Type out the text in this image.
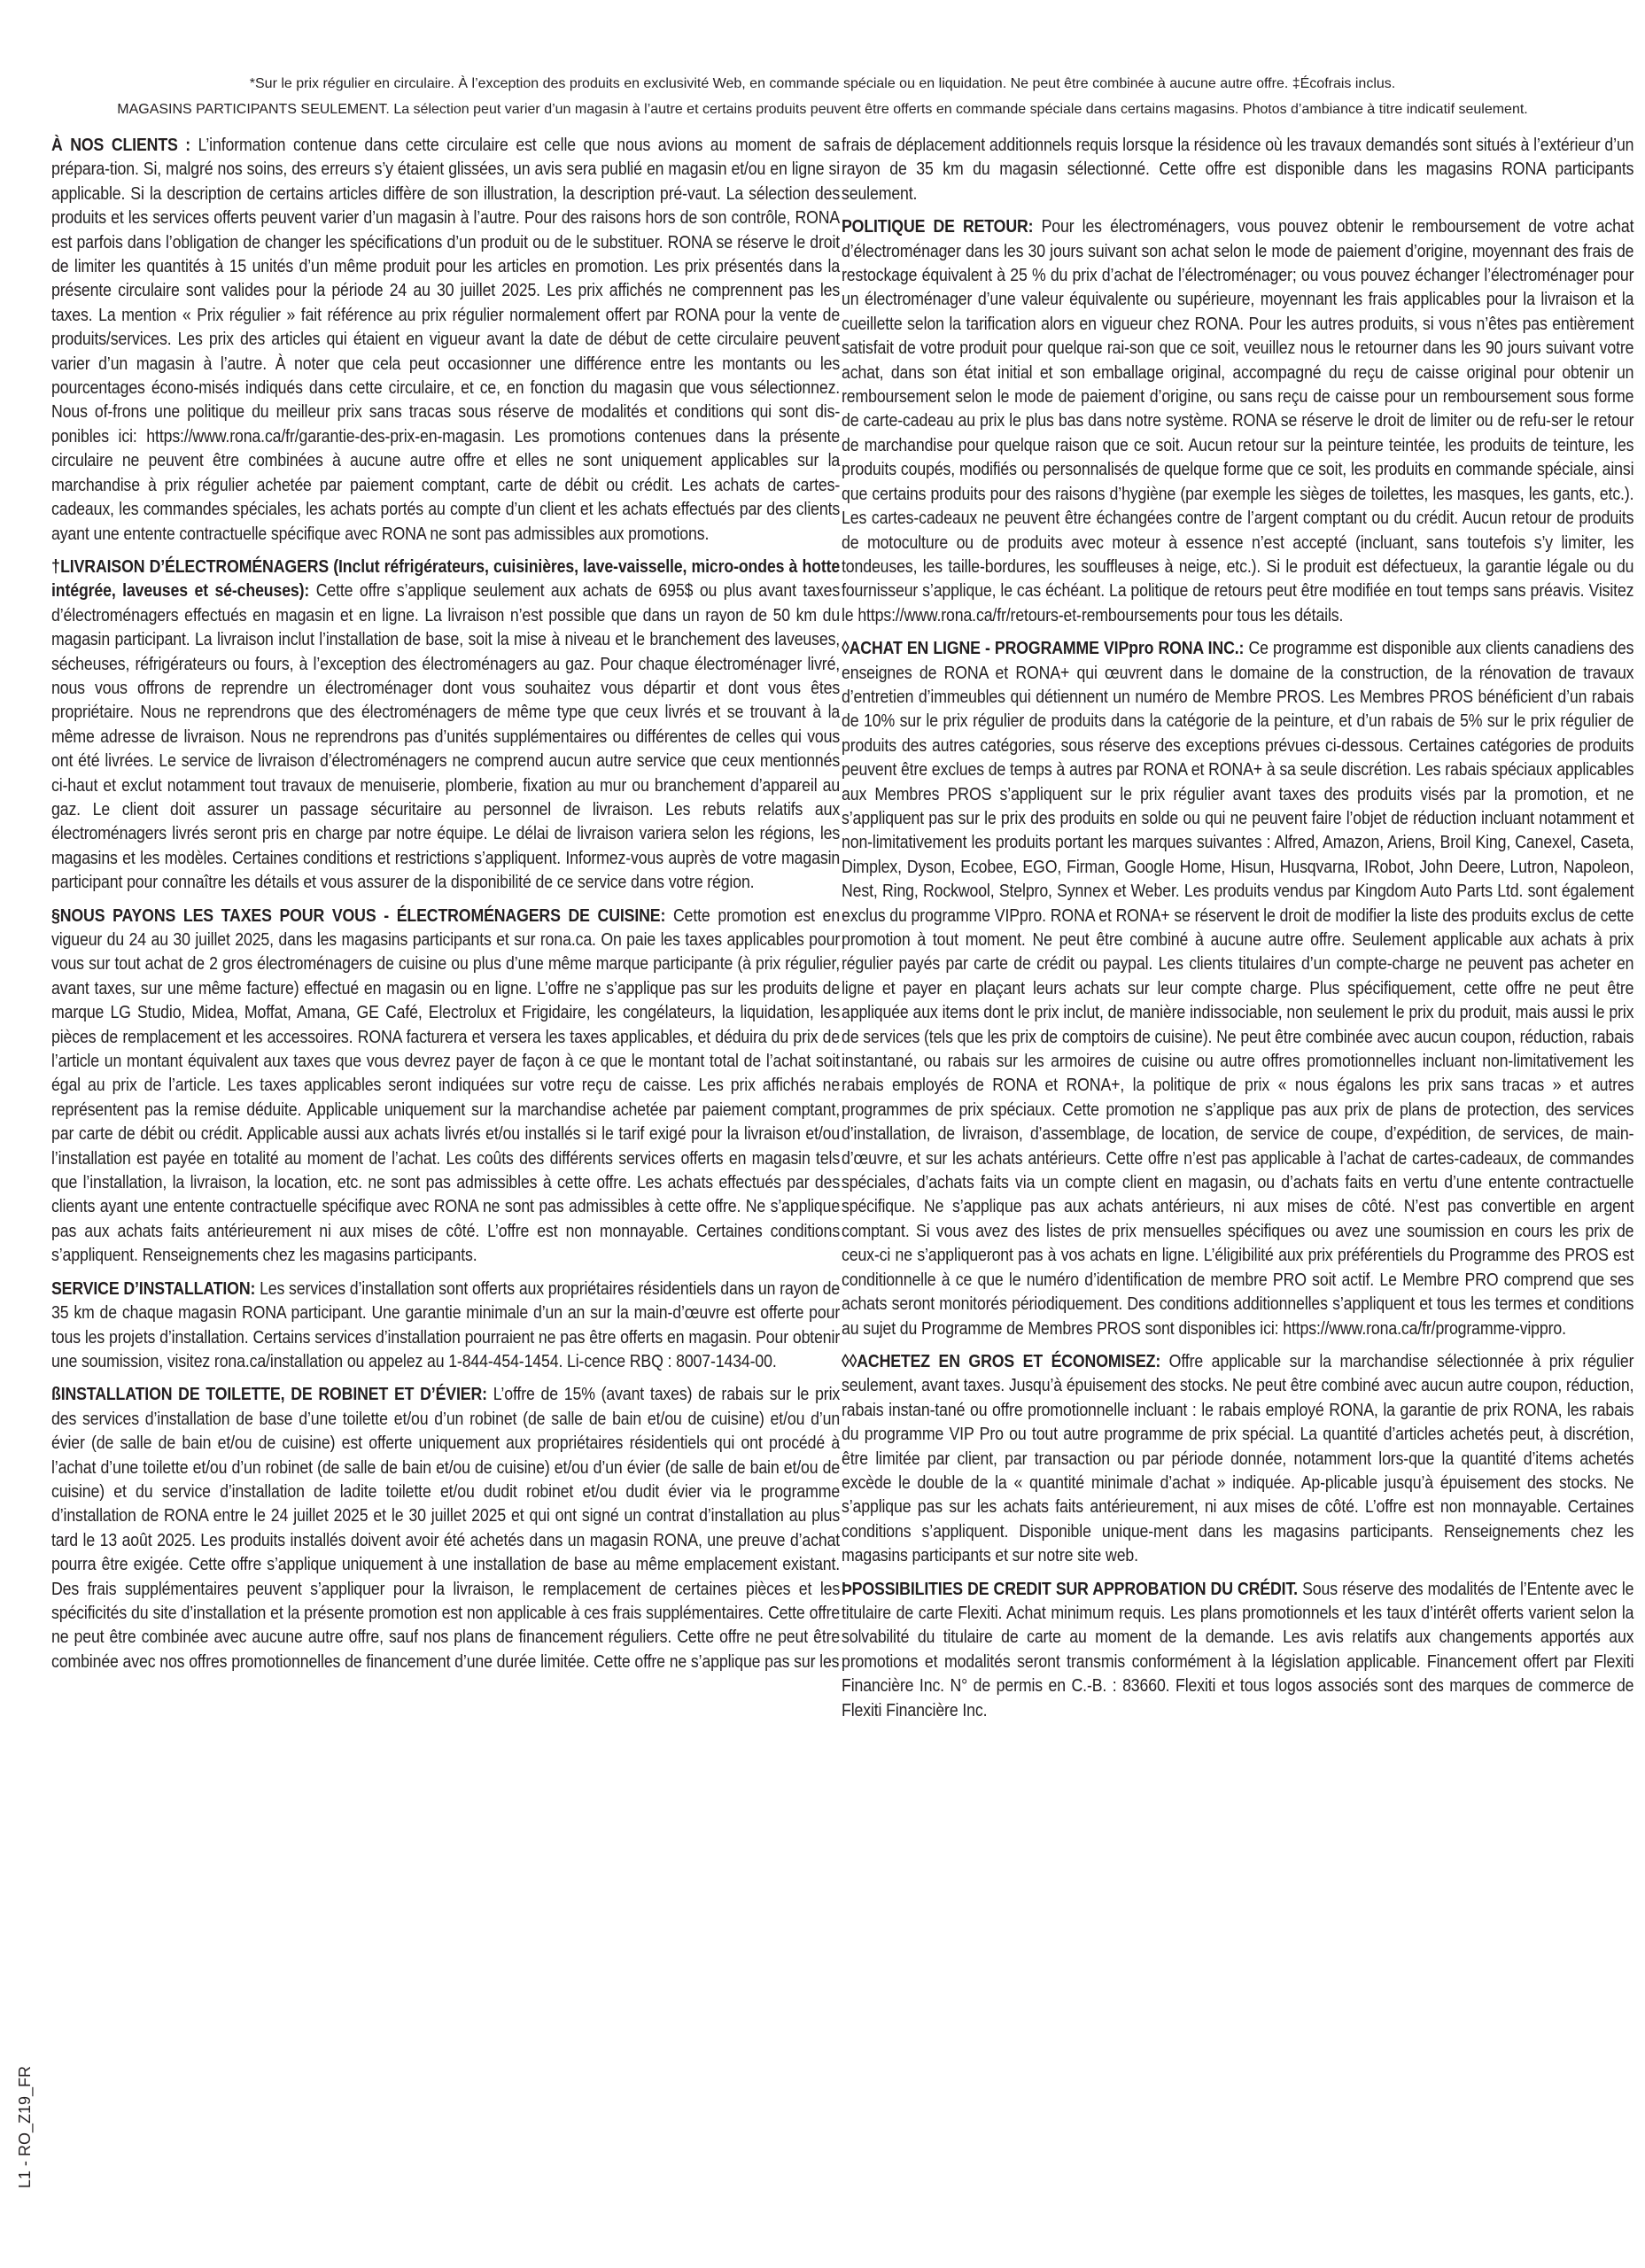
*Sur le prix régulier en circulaire. À l’exception des produits en exclusivité Web, en commande spéciale ou en liquidation. Ne peut être combinée à aucune autre offre. ‡Écofrais inclus.
MAGASINS PARTICIPANTS SEULEMENT. La sélection peut varier d’un magasin à l’autre et certains produits peuvent être offerts en commande spéciale dans certains magasins. Photos d’ambiance à titre indicatif seulement.

À NOS CLIENTS : L’information contenue dans cette circulaire est celle que nous avions au moment de sa prépara-tion. Si, malgré nos soins, des erreurs s’y étaient glissées, un avis sera publié en magasin et/ou en ligne si applicable. Si la description de certains articles diffère de son illustration, la description pré-vaut. La sélection des produits et les services offerts peuvent varier d’un magasin à l’autre. Pour des raisons hors de son contrôle, RONA est parfois dans l’obligation de changer les spécifications d’un produit ou de le substituer. RONA se réserve le droit de limiter les quantités à 15 unités d’un même produit pour les articles en promotion. Les prix présentés dans la présente circulaire sont valides pour la période 24 au 30 juillet 2025. Les prix affichés ne comprennent pas les taxes. La mention « Prix régulier » fait référence au prix régulier normalement offert par RONA pour la vente de produits/services. Les prix des articles qui étaient en vigueur avant la date de début de cette circulaire peuvent varier d’un magasin à l’autre. À noter que cela peut occasionner une différence entre les montants ou les pourcentages écono-misés indiqués dans cette circulaire, et ce, en fonction du magasin que vous sélectionnez. Nous of-frons une politique du meilleur prix sans tracas sous réserve de modalités et conditions qui sont dis-ponibles ici: https://www.rona.ca/fr/garantie-des-prix-en-magasin. Les promotions contenues dans la présente circulaire ne peuvent être combinées à aucune autre offre et elles ne sont uniquement applicables sur la marchandise à prix régulier achetée par paiement comptant, carte de débit ou crédit. Les achats de cartes-cadeaux, les commandes spéciales, les achats portés au compte d’un client et les achats effectués par des clients ayant une entente contractuelle spécifique avec RONA ne sont pas admissibles aux promotions.

†LIVRAISON D’ÉLECTROMÉNAGERS (Inclut réfrigérateurs, cuisinières, lave-vaisselle, micro-ondes à hotte intégrée, laveuses et sé-cheuses): Cette offre s’applique seulement aux achats de 695$ ou plus avant taxes d’électroménagers effectués en magasin et en ligne. La livraison n’est possible que dans un rayon de 50 km du magasin participant. La livraison inclut l’installation de base, soit la mise à niveau et le branchement des laveuses, sécheuses, réfrigérateurs ou fours, à l’exception des électroménagers au gaz. Pour chaque électroménager livré, nous vous offrons de reprendre un électroménager dont vous souhaitez vous départir et dont vous êtes propriétaire. Nous ne reprendrons que des électroménagers de même type que ceux livrés et se trouvant à la même adresse de livraison. Nous ne reprendrons pas d’unités supplémentaires ou différentes de celles qui vous ont été livrées. Le service de livraison d’électroménagers ne comprend aucun autre service que ceux mentionnés ci-haut et exclut notamment tout travaux de menuiserie, plomberie, fixation au mur ou branchement d’appareil au gaz. Le client doit assurer un passage sécuritaire au personnel de livraison. Les rebuts relatifs aux électroménagers livrés seront pris en charge par notre équipe. Le délai de livraison variera selon les régions, les magasins et les modèles. Certaines conditions et restrictions s’appliquent. Informez-vous auprès de votre magasin participant pour connaître les détails et vous assurer de la disponibilité de ce service dans votre région.

§NOUS PAYONS LES TAXES POUR VOUS - ÉLECTROMÉNAGERS DE CUISINE: Cette promotion est en vigueur du 24 au 30 juillet 2025, dans les magasins participants et sur rona.ca. On paie les taxes applicables pour vous sur tout achat de 2 gros électroménagers de cuisine ou plus d’une même marque participante (à prix régulier, avant taxes, sur une même facture) effectué en magasin ou en ligne. L’offre ne s’applique pas sur les produits de marque LG Studio, Midea, Moffat, Amana, GE Café, Electrolux et Frigidaire, les congélateurs, la liquidation, les pièces de remplacement et les accessoires. RONA facturera et versera les taxes applicables, et déduira du prix de l’article un montant équivalent aux taxes que vous devrez payer de façon à ce que le montant total de l’achat soit égal au prix de l’article. Les taxes applicables seront indiquées sur votre reçu de caisse. Les prix affichés ne représentent pas la remise déduite. Applicable uniquement sur la marchandise achetée par paiement comptant, par carte de débit ou crédit. Applicable aussi aux achats livrés et/ou installés si le tarif exigé pour la livraison et/ou l’installation est payée en totalité au moment de l’achat. Les coûts des différents services offerts en magasin tels que l’installation, la livraison, la location, etc. ne sont pas admissibles à cette offre. Les achats effectués par des clients ayant une entente contractuelle spécifique avec RONA ne sont pas admissibles à cette offre. Ne s’applique pas aux achats faits antérieurement ni aux mises de côté. L’offre est non monnayable. Certaines conditions s’appliquent. Renseignements chez les magasins participants.

SERVICE D’INSTALLATION: Les services d’installation sont offerts aux propriétaires résidentiels dans un rayon de 35 km de chaque magasin RONA participant. Une garantie minimale d’un an sur la main-d’œuvre est offerte pour tous les projets d’installation. Certains services d’installation pourraient ne pas être offerts en magasin. Pour obtenir une soumission, visitez rona.ca/installation ou appelez au 1-844-454-1454. Li-cence RBQ : 8007-1434-00.

ßINSTALLATION DE TOILETTE, DE ROBINET ET D’ÉVIER: L’offre de 15% (avant taxes) de rabais sur le prix des services d’installation de base d’une toilette et/ou d’un robinet (de salle de bain et/ou de cuisine) et/ou d’un évier (de salle de bain et/ou de cuisine) est offerte uniquement aux propriétaires résidentiels qui ont procédé à l’achat d’une toilette et/ou d’un robinet (de salle de bain et/ou de cuisine) et/ou d’un évier (de salle de bain et/ou de cuisine) et du service d’installation de ladite toilette et/ou dudit robinet et/ou dudit évier via le programme d’installation de RONA entre le 24 juillet 2025 et le 30 juillet 2025 et qui ont signé un contrat d’installation au plus tard le 13 août 2025. Les produits installés doivent avoir été achetés dans un magasin RONA, une preuve d’achat pourra être exigée. Cette offre s’applique uniquement à une installation de base au même emplacement existant. Des frais supplémentaires peuvent s’appliquer pour la livraison, le remplacement de certaines pièces et les spécificités du site d’installation et la présente promotion est non applicable à ces frais supplémentaires. Cette offre ne peut être combinée avec aucune autre offre, sauf nos plans de financement réguliers. Cette offre ne peut être combinée avec nos offres promotionnelles de financement d’une durée limitée. Cette offre ne s’applique pas sur les

frais de déplacement additionnels requis lorsque la résidence où les travaux demandés sont situés à l’extérieur d’un rayon de 35 km du magasin sélectionné. Cette offre est disponible dans les magasins RONA participants seulement.

POLITIQUE DE RETOUR: Pour les électroménagers, vous pouvez obtenir le remboursement de votre achat d’électroménager dans les 30 jours suivant son achat selon le mode de paiement d’origine, moyennant des frais de restockage équivalent à 25 % du prix d’achat de l’électroménager; ou vous pouvez échanger l’électroménager pour un électroménager d’une valeur équivalente ou supérieure, moyennant les frais applicables pour la livraison et la cueillette selon la tarification alors en vigueur chez RONA. Pour les autres produits, si vous n’êtes pas entièrement satisfait de votre produit pour quelque rai-son que ce soit, veuillez nous le retourner dans les 90 jours suivant votre achat, dans son état initial et son emballage original, accompagné du reçu de caisse original pour obtenir un remboursement selon le mode de paiement d’origine, ou sans reçu de caisse pour un remboursement sous forme de carte-cadeau au prix le plus bas dans notre système. RONA se réserve le droit de limiter ou de refu-ser le retour de marchandise pour quelque raison que ce soit. Aucun retour sur la peinture teintée, les produits de teinture, les produits coupés, modifiés ou personnalisés de quelque forme que ce soit, les produits en commande spéciale, ainsi que certains produits pour des raisons d’hygiène (par exemple les sièges de toilettes, les masques, les gants, etc.). Les cartes-cadeaux ne peuvent être échangées contre de l’argent comptant ou du crédit. Aucun retour de produits de motoculture ou de produits avec moteur à essence n’est accepté (incluant, sans toutefois s’y limiter, les tondeuses, les taille-bordures, les souffleuses à neige, etc.). Si le produit est défectueux, la garantie légale ou du fournisseur s’applique, le cas échéant. La politique de retours peut être modifiée en tout temps sans préavis. Visitez le https://www.rona.ca/fr/retours-et-remboursements pour tous les détails.

◊ACHAT EN LIGNE - PROGRAMME VIPpro RONA INC.: Ce programme est disponible aux clients canadiens des enseignes de RONA et RONA+ qui œuvrent dans le domaine de la construction, de la rénovation de travaux d’entretien d’immeubles qui détiennent un numéro de Membre PROS. Les Membres PROS bénéficient d’un rabais de 10% sur le prix régulier de produits dans la catégorie de la peinture, et d’un rabais de 5% sur le prix régulier de produits des autres catégories, sous réserve des exceptions prévues ci-dessous. Certaines catégories de produits peuvent être exclues de temps à autres par RONA et RONA+ à sa seule discrétion. Les rabais spéciaux applicables aux Membres PROS s’appliquent sur le prix régulier avant taxes des produits visés par la promotion, et ne s’appliquent pas sur le prix des produits en solde ou qui ne peuvent faire l’objet de réduction incluant notamment et non-limitativement les produits portant les marques suivantes : Alfred, Amazon, Ariens, Broil King, Canexel, Caseta, Dimplex, Dyson, Ecobee, EGO, Firman, Google Home, Hisun, Husqvarna, IRobot, John Deere, Lutron, Napoleon, Nest, Ring, Rockwool, Stelpro, Synnex et Weber. Les produits vendus par Kingdom Auto Parts Ltd. sont également exclus du programme VIPpro. RONA et RONA+ se réservent le droit de modifier la liste des produits exclus de cette promotion à tout moment. Ne peut être combiné à aucune autre offre. Seulement applicable aux achats à prix régulier payés par carte de crédit ou paypal. Les clients titulaires d’un compte-charge ne peuvent pas acheter en ligne et payer en plaçant leurs achats sur leur compte charge. Plus spécifiquement, cette offre ne peut être appliquée aux items dont le prix inclut, de manière indissociable, non seulement le prix du produit, mais aussi le prix de services (tels que les prix de comptoirs de cuisine). Ne peut être combinée avec aucun coupon, réduction, rabais instantané, ou rabais sur les armoires de cuisine ou autre offres promotionnelles incluant non-limitativement les rabais employés de RONA et RONA+, la politique de prix « nous égalons les prix sans tracas » et autres programmes de prix spéciaux. Cette promotion ne s’applique pas aux prix de plans de protection, des services d’installation, de livraison, d’assemblage, de location, de service de coupe, d’expédition, de services, de main-d’œuvre, et sur les achats antérieurs. Cette offre n’est pas applicable à l’achat de cartes-cadeaux, de commandes spéciales, d’achats faits via un compte client en magasin, ou d’achats faits en vertu d’une entente contractuelle spécifique. Ne s’applique pas aux achats antérieurs, ni aux mises de côté. N’est pas convertible en argent comptant. Si vous avez des listes de prix mensuelles spécifiques ou avez une soumission en cours les prix de ceux-ci ne s’appliqueront pas à vos achats en ligne. L’éligibilité aux prix préférentiels du Programme des PROS est conditionnelle à ce que le numéro d’identification de membre PRO soit actif. Le Membre PRO comprend que ses achats seront monitorés périodiquement. Des conditions additionnelles s’appliquent et tous les termes et conditions au sujet du Programme de Membres PROS sont disponibles ici: https://www.rona.ca/fr/programme-vippro.

◊◊ACHETEZ EN GROS ET ÉCONOMISEZ: Offre applicable sur la marchandise sélectionnée à prix régulier seulement, avant taxes. Jusqu’à épuisement des stocks. Ne peut être combiné avec aucun autre coupon, réduction, rabais instan-tané ou offre promotionnelle incluant : le rabais employé RONA, la garantie de prix RONA, les rabais du programme VIP Pro ou tout autre programme de prix spécial. La quantité d’articles achetés peut, à discrétion, être limitée par client, par transaction ou par période donnée, notamment lors-que la quantité d’items achetés excède le double de la « quantité minimale d’achat » indiquée. Ap-plicable jusqu’à épuisement des stocks. Ne s’applique pas sur les achats faits antérieurement, ni aux mises de côté. L’offre est non monnayable. Certaines conditions s’appliquent. Disponible unique-ment dans les magasins participants. Renseignements chez les magasins participants et sur notre site web.

ÞPOSSIBILITIES DE CREDIT SUR APPROBATION DU CRÉDIT. Sous réserve des modalités de l’Entente avec le titulaire de carte Flexiti. Achat minimum requis. Les plans promotionnels et les taux d’intérêt offerts varient selon la solvabilité du titulaire de carte au moment de la demande. Les avis relatifs aux changements apportés aux promotions et modalités seront transmis conformément à la législation applicable. Financement offert par Flexiti Financière Inc. N° de permis en C.-B. : 83660. Flexiti et tous logos associés sont des marques de commerce de Flexiti Financière Inc.

L1 - RO_Z19_FR
